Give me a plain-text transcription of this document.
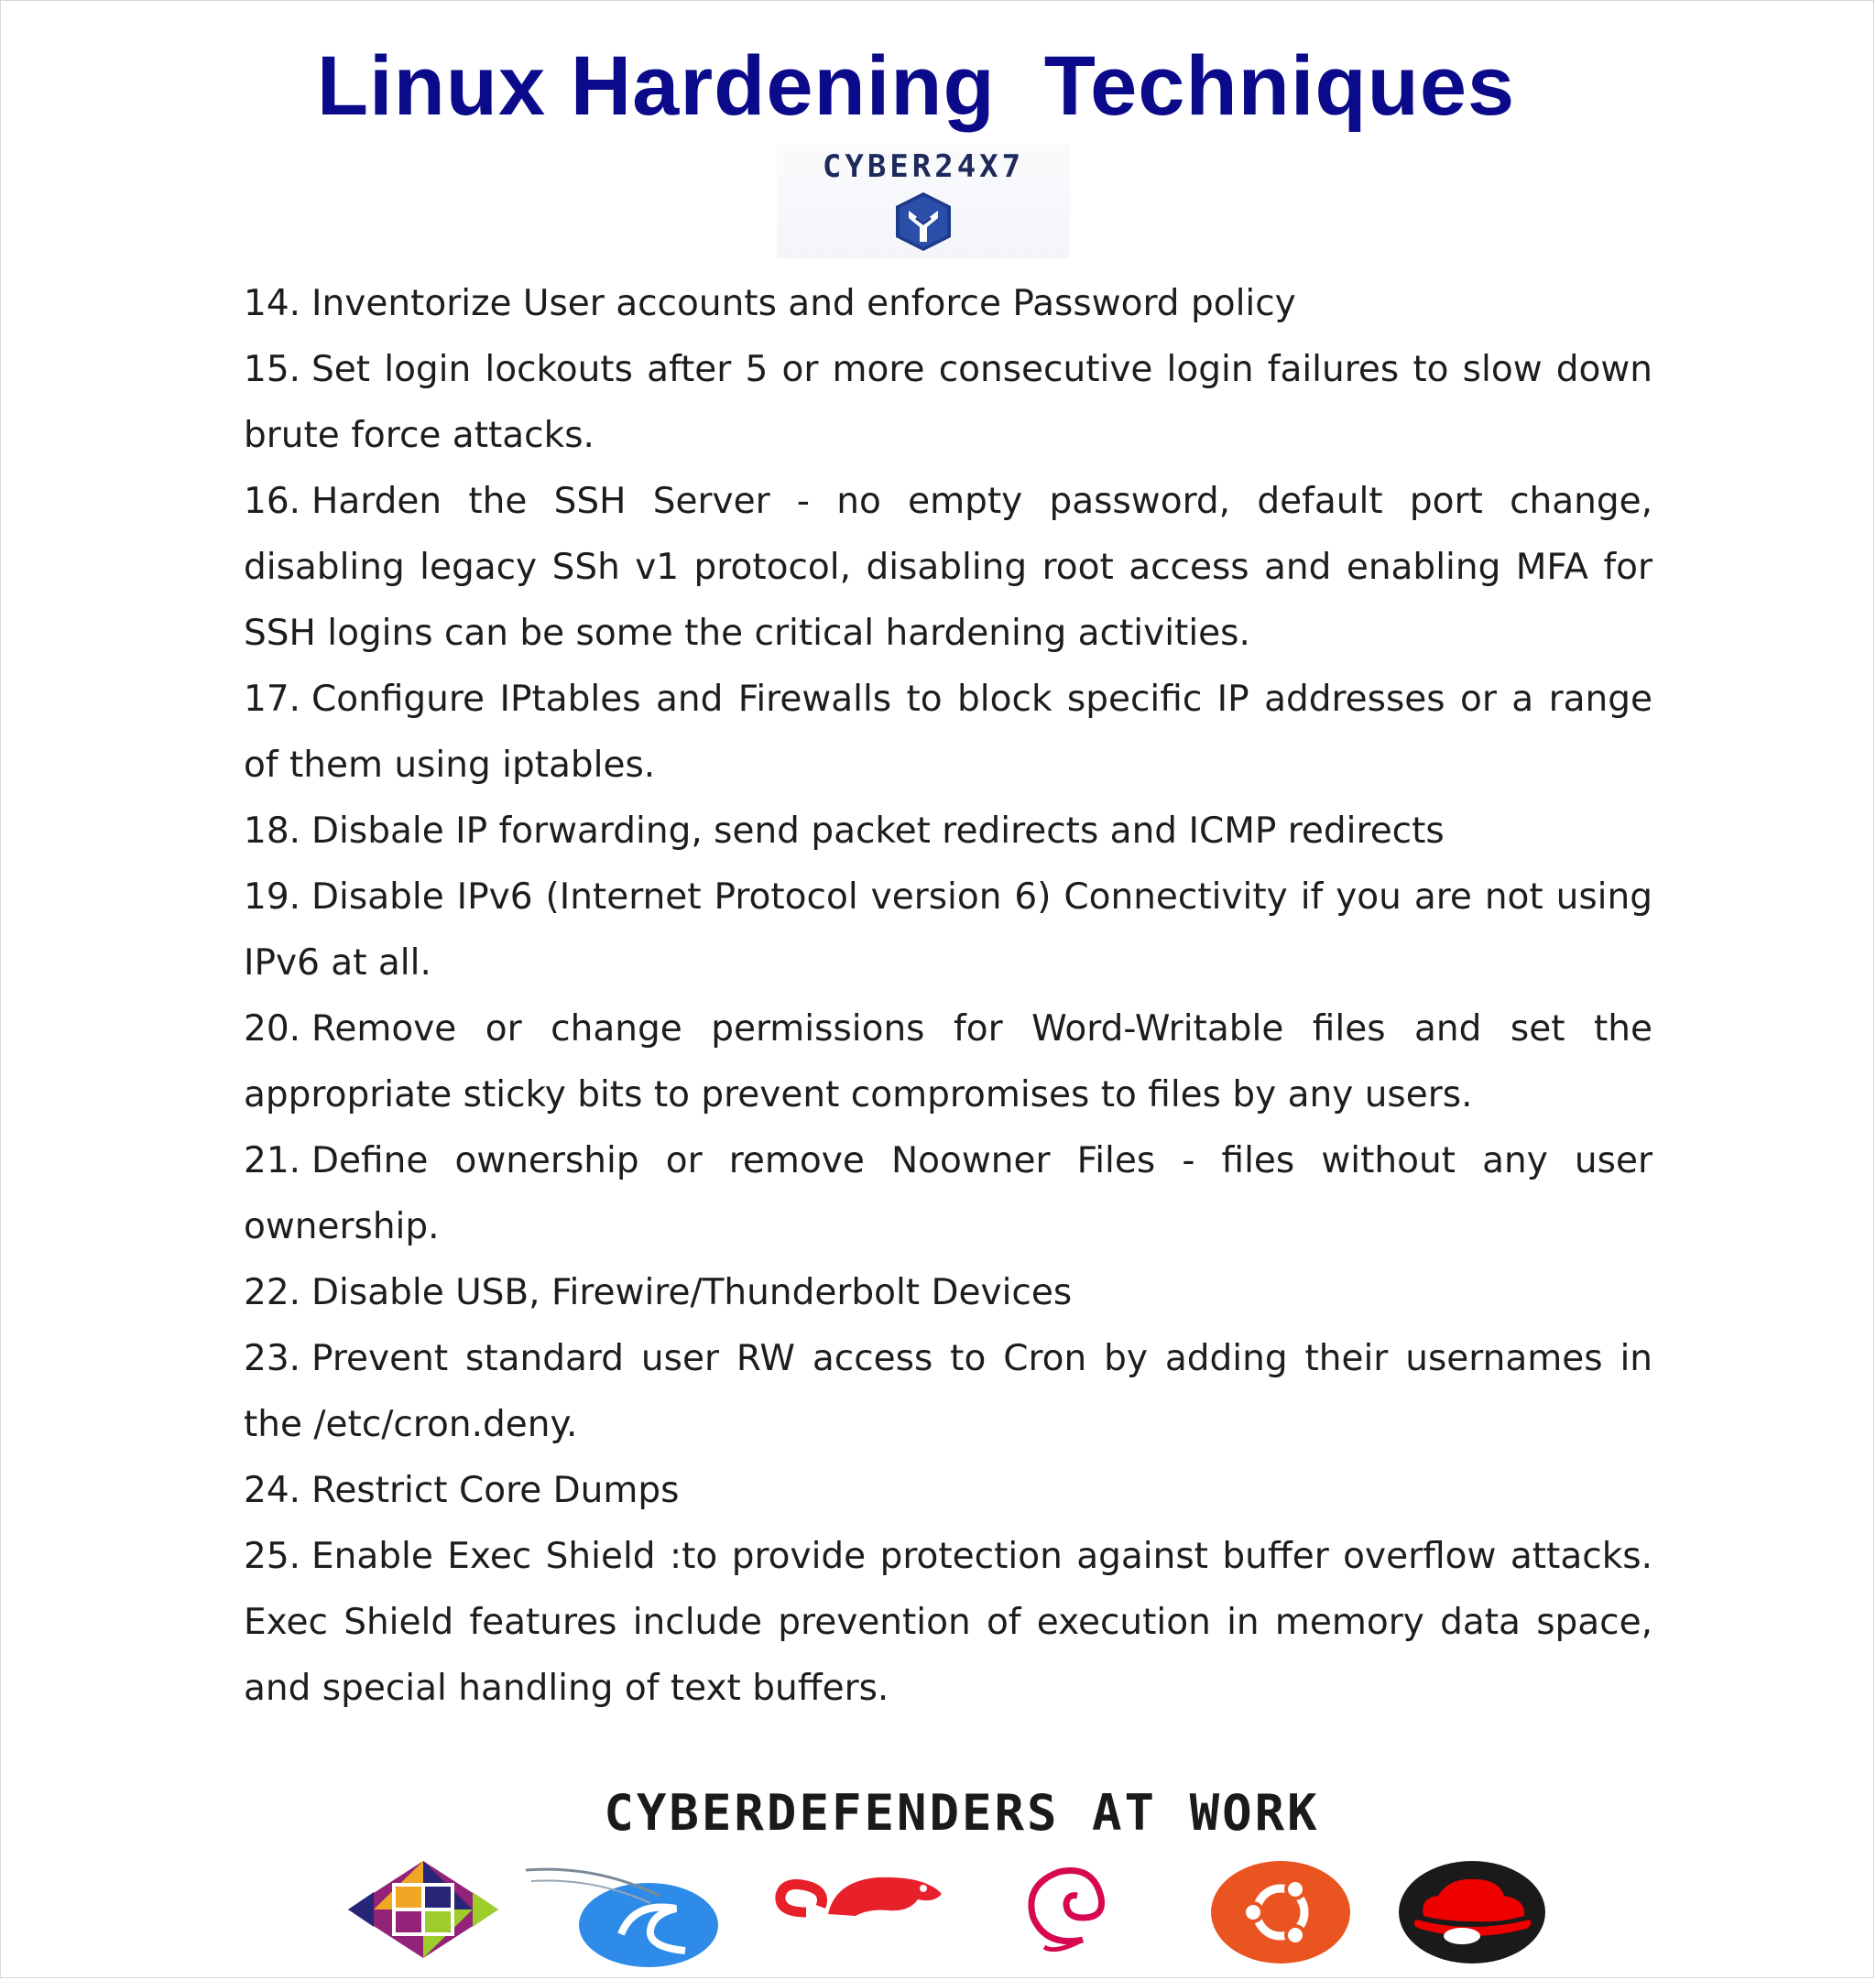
Linux Hardening  Techniques
CYBER24X7

14. Inventorize User accounts and enforce Password policy

15. Set login lockouts after 5 or more consecutive login failures to slow down brute force attacks.

16. Harden the SSH Server - no empty password, default port change, disabling legacy SSh v1 protocol, disabling root access and enabling MFA for SSH logins can be some the critical hardening activities.

17. Configure IPtables and Firewalls to block specific IP addresses or a range of them using iptables.

18. Disbale IP forwarding, send packet redirects and ICMP redirects

19. Disable IPv6 (Internet Protocol version 6) Connectivity if you are not using IPv6 at all.

20. Remove or change permissions for Word-Writable files and set the appropriate sticky bits to prevent compromises to files by any users.

21. Define ownership or remove Noowner Files - files without any user ownership.

22. Disable USB, Firewire/Thunderbolt Devices

23. Prevent standard user RW access to Cron by adding their usernames in the /etc/cron.deny.

24. Restrict Core Dumps

25. Enable Exec Shield :to provide protection against buffer overflow attacks. Exec Shield features include prevention of execution in memory data space, and special handling of text buffers.

CYBERDEFENDERS AT WORK
